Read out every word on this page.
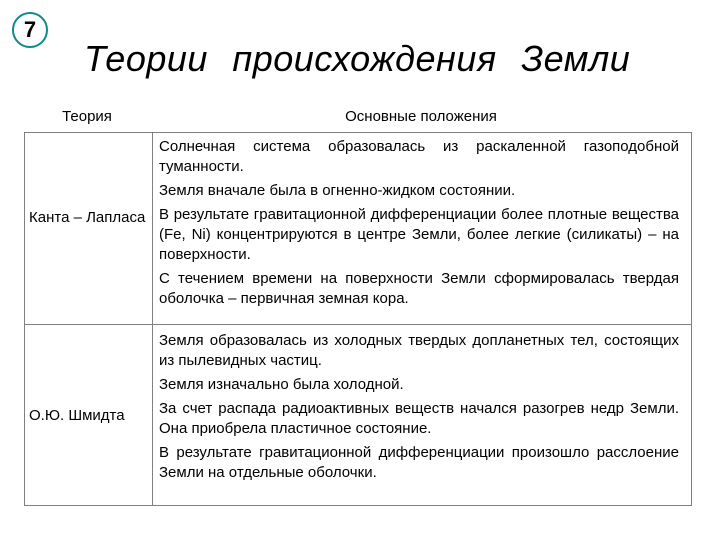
7
Теории происхождения Земли
Теория	Основные положения
Канта – Лапласа

Солнечная система образовалась из раскаленной газоподобной туманности.

Земля вначале была в огненно-жидком состоянии.

В результате гравитационной дифференциации более плотные вещества (Fe, Ni) концентрируются в центре Земли, более легкие (силикаты) – на поверхности.

С течением времени на поверхности Земли сформировалась твердая оболочка – первичная земная кора.

О.Ю. Шмидта

Земля образовалась из холодных твердых допланетных тел, состоящих из пылевидных частиц.

Земля изначально была холодной.

За счет распада радиоактивных веществ начался разогрев недр Земли. Она приобрела пластичное состояние.

В результате гравитационной дифференциации произошло расслоение Земли на отдельные оболочки.
